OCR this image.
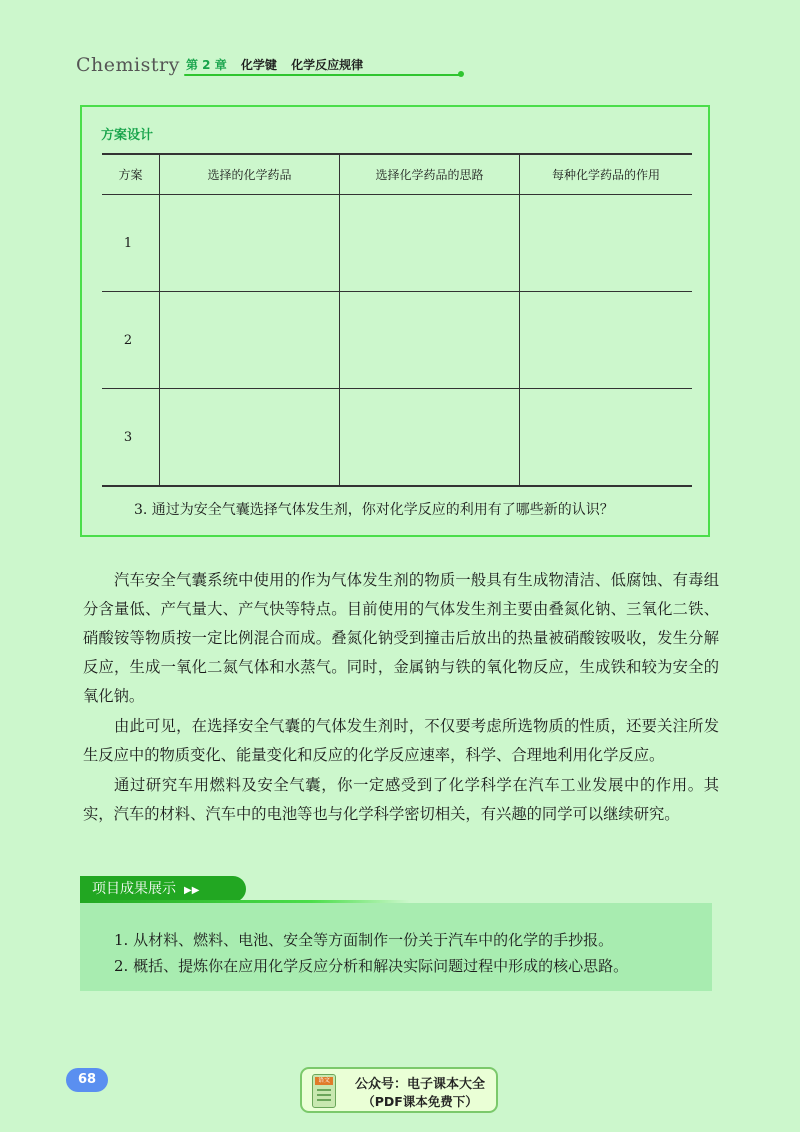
Chemistry 第 2 章 化学键 化学反应规律
方案设计
方案	选择的化学药品	选择化学药品的思路	每种化学药品的作用
1			
2			
3			
3. 通过为安全气囊选择气体发生剂，你对化学反应的利用有了哪些新的认识？

汽车安全气囊系统中使用的作为气体发生剂的物质一般具有生成物清洁、低腐蚀、有毒组分含量低、产气量大、产气快等特点。目前使用的气体发生剂主要由叠氮化钠、三氧化二铁、硝酸铵等物质按一定比例混合而成。叠氮化钠受到撞击后放出的热量被硝酸铵吸收，发生分解反应，生成一氧化二氮气体和水蒸气。同时，金属钠与铁的氧化物反应，生成铁和较为安全的氧化钠。

由此可见，在选择安全气囊的气体发生剂时，不仅要考虑所选物质的性质，还要关注所发生反应中的物质变化、能量变化和反应的化学反应速率，科学、合理地利用化学反应。

通过研究车用燃料及安全气囊，你一定感受到了化学科学在汽车工业发展中的作用。其实，汽车的材料、汽车中的电池等也与化学科学密切相关，有兴趣的同学可以继续研究。

项目成果展示 ▶▶
1. 从材料、燃料、电池、安全等方面制作一份关于汽车中的化学的手抄报。
2. 概括、提炼你在应用化学反应分析和解决实际问题过程中形成的核心思路。
68	语文	公众号：电子课本大全
（PDF课本免费下）
